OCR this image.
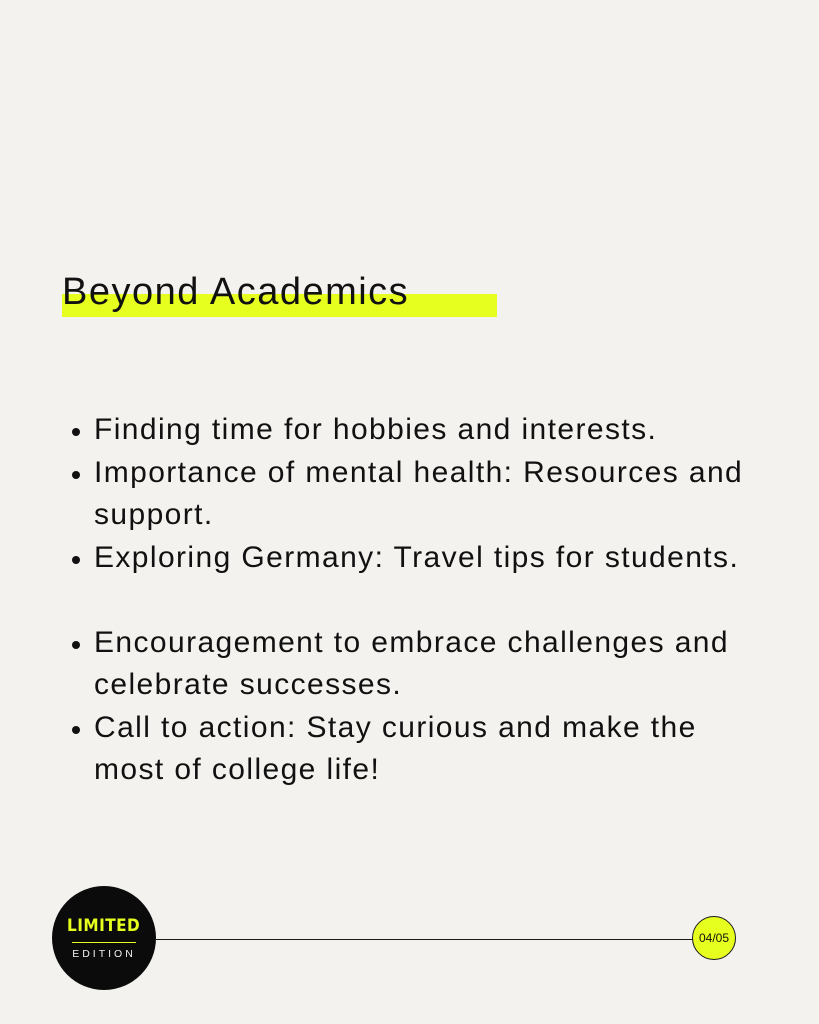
Beyond Academics
Finding time for hobbies and interests.
Importance of mental health: Resources and support.
Exploring Germany: Travel tips for students.
Encouragement to embrace challenges and celebrate successes.
Call to action: Stay curious and make the most of college life!
LIMITED
EDITION
04/05
